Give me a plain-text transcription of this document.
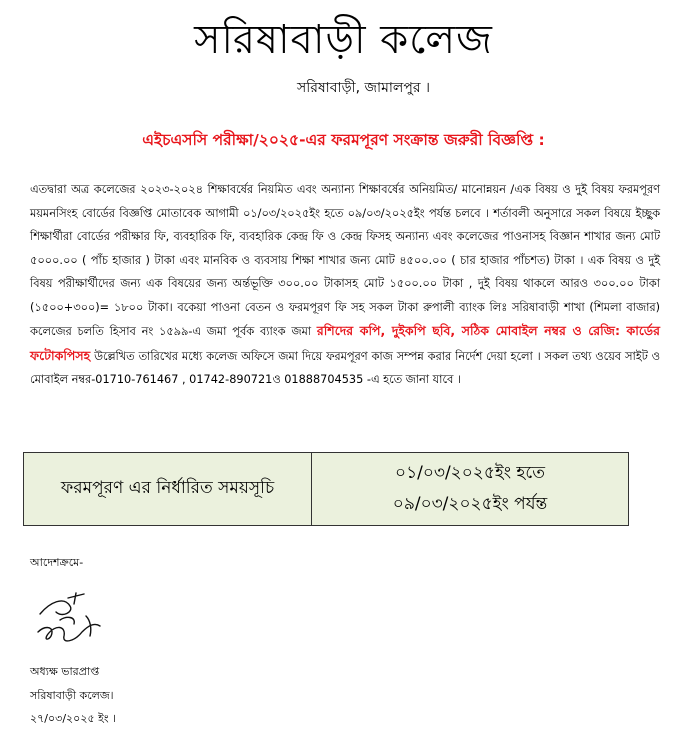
সরিষাবাড়ী কলেজ
সরিষাবাড়ী, জামালপুর ।
এইচএসসি পরীক্ষা/২০২৫-এর ফরমপূরণ সংক্রান্ত জরুরী বিজ্ঞপ্তি :
এতদ্বারা অত্র কলেজের ২০২৩-২০২৪ শিক্ষাবর্ষের নিয়মিত এবং অন্যান্য শিক্ষাবর্ষের অনিয়মিত/ মানোন্নয়ন /এক বিষয় ও দুই বিষয় ফরমপূরণ ময়মনসিংহ বোর্ডের বিজ্ঞপ্তি মোতাবেক আগামী ০১/০৩/২০২৫ইং হতে ০৯/০৩/২০২৫ইং পর্যন্ত চলবে । শর্তাবলী অনুসারে সকল বিষয়ে ইচ্ছুক শিক্ষার্থীরা বোর্ডের পরীক্ষার ফি, ব্যবহারিক ফি, ব্যবহারিক কেন্দ্র ফি ও কেন্দ্র ফিসহ অন্যান্য এবং কলেজের পাওনাসহ বিজ্ঞান শাখার জন্য মোট ৫০০০.০০ ( পাঁচ হাজার ) টাকা এবং মানবিক ও ব্যবসায় শিক্ষা শাখার জন্য মোট ৪৫০০.০০ ( চার হাজার পাঁচশত) টাকা । এক বিষয় ও দুই বিষয় পরীক্ষার্থীদের জন্য এক বিষয়ের জন্য অর্ন্তভূক্তি ৩০০.০০ টাকাসহ মোট ১৫০০.০০ টাকা , দুই বিষয় থাকলে আরও ৩০০.০০ টাকা (১৫০০+৩০০)= ১৮০০ টাকা। বকেয়া পাওনা বেতন ও ফরমপূরণ ফি সহ সকল টাকা রুপালী ব্যাংক লিঃ সরিষাবাড়ী শাখা (শিমলা বাজার) কলেজের চলতি হিসাব নং ১৫৯৯-এ জমা পূর্বক ব্যাংক জমা রশিদের কপি, দুইকপি ছবি, সঠিক মোবাইল নম্বর ও রেজি: কার্ডের ফটোকপিসহ উল্লেখিত তারিখের মধ্যে কলেজ অফিসে জমা দিয়ে ফরমপূরণ কাজ সম্পন্ন করার নির্দেশ দেয়া হলো । সকল তথ্য ওয়েব সাইট ও মোবাইল নম্বর-01710-761467 , 01742-890721ও 01888704535 -এ হতে জানা যাবে ।
ফরমপূরণ এর নির্ধারিত সময়সূচি
০১/০৩/২০২৫ইং হতে
০৯/০৩/২০২৫ইং পর্যন্ত
আদেশক্রমে-
অধ্যক্ষ ভারপ্রাপ্ত
সরিষাবাড়ী কলেজ।
২৭/০৩/২০২৫ ইং ।
